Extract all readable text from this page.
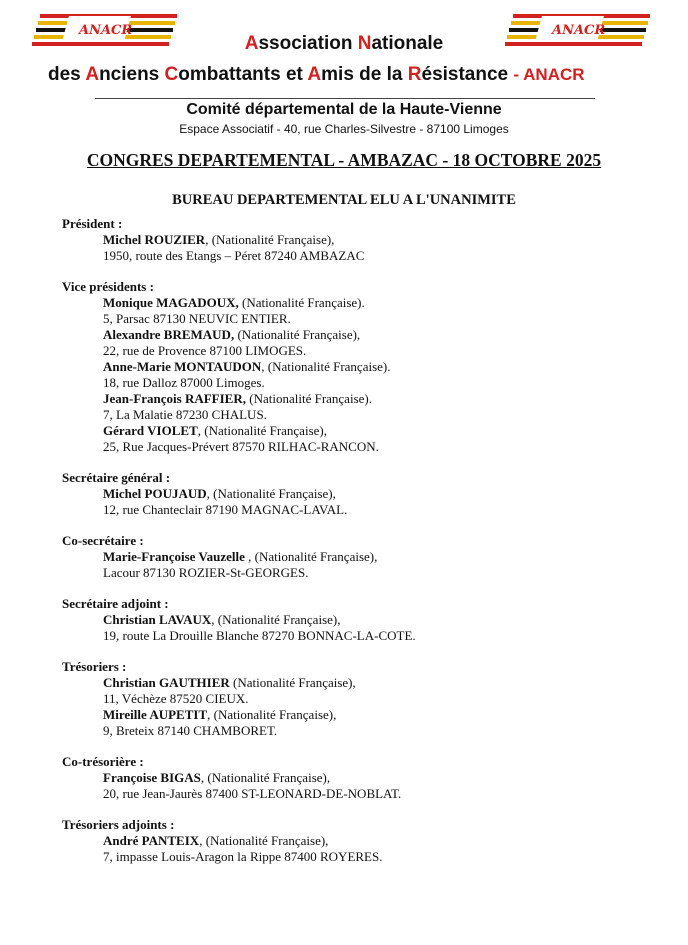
ANACR	ANACR
Association Nationale
des Anciens Combattants et Amis de la Résistance - ANACR
Comité départemental de la Haute-Vienne
Espace Associatif - 40, rue Charles-Silvestre - 87100 Limoges
CONGRES DEPARTEMENTAL - AMBAZAC - 18 OCTOBRE 2025
BUREAU DEPARTEMENTAL ELU A L'UNANIMITE
Président :
Michel ROUZIER, (Nationalité Française),
1950, route des Etangs – Péret 87240 AMBAZAC
Vice présidents :
Monique MAGADOUX, (Nationalité Française).
5, Parsac 87130 NEUVIC ENTIER.
Alexandre BREMAUD, (Nationalité Française),
22, rue de Provence 87100 LIMOGES.
Anne-Marie MONTAUDON, (Nationalité Française).
18, rue Dalloz 87000 Limoges.
Jean-François RAFFIER, (Nationalité Française).
7, La Malatie 87230 CHALUS.
Gérard VIOLET, (Nationalité Française),
25, Rue Jacques-Prévert 87570 RILHAC-RANCON.
Secrétaire général :
Michel POUJAUD, (Nationalité Française),
12, rue Chanteclair 87190 MAGNAC-LAVAL.
Co-secrétaire :
Marie-Françoise Vauzelle , (Nationalité Française),
Lacour 87130 ROZIER-St-GEORGES.
Secrétaire adjoint :
Christian LAVAUX, (Nationalité Française),
19, route La Drouille Blanche 87270 BONNAC-LA-COTE.
Trésoriers :
Christian GAUTHIER (Nationalité Française),
11, Véchèze 87520 CIEUX.
Mireille AUPETIT, (Nationalité Française),
9, Breteix 87140 CHAMBORET.
Co-trésorière :
Françoise BIGAS, (Nationalité Française),
20, rue Jean-Jaurès 87400 ST-LEONARD-DE-NOBLAT.
Trésoriers adjoints :
André PANTEIX, (Nationalité Française),
7, impasse Louis-Aragon la Rippe 87400 ROYERES.
